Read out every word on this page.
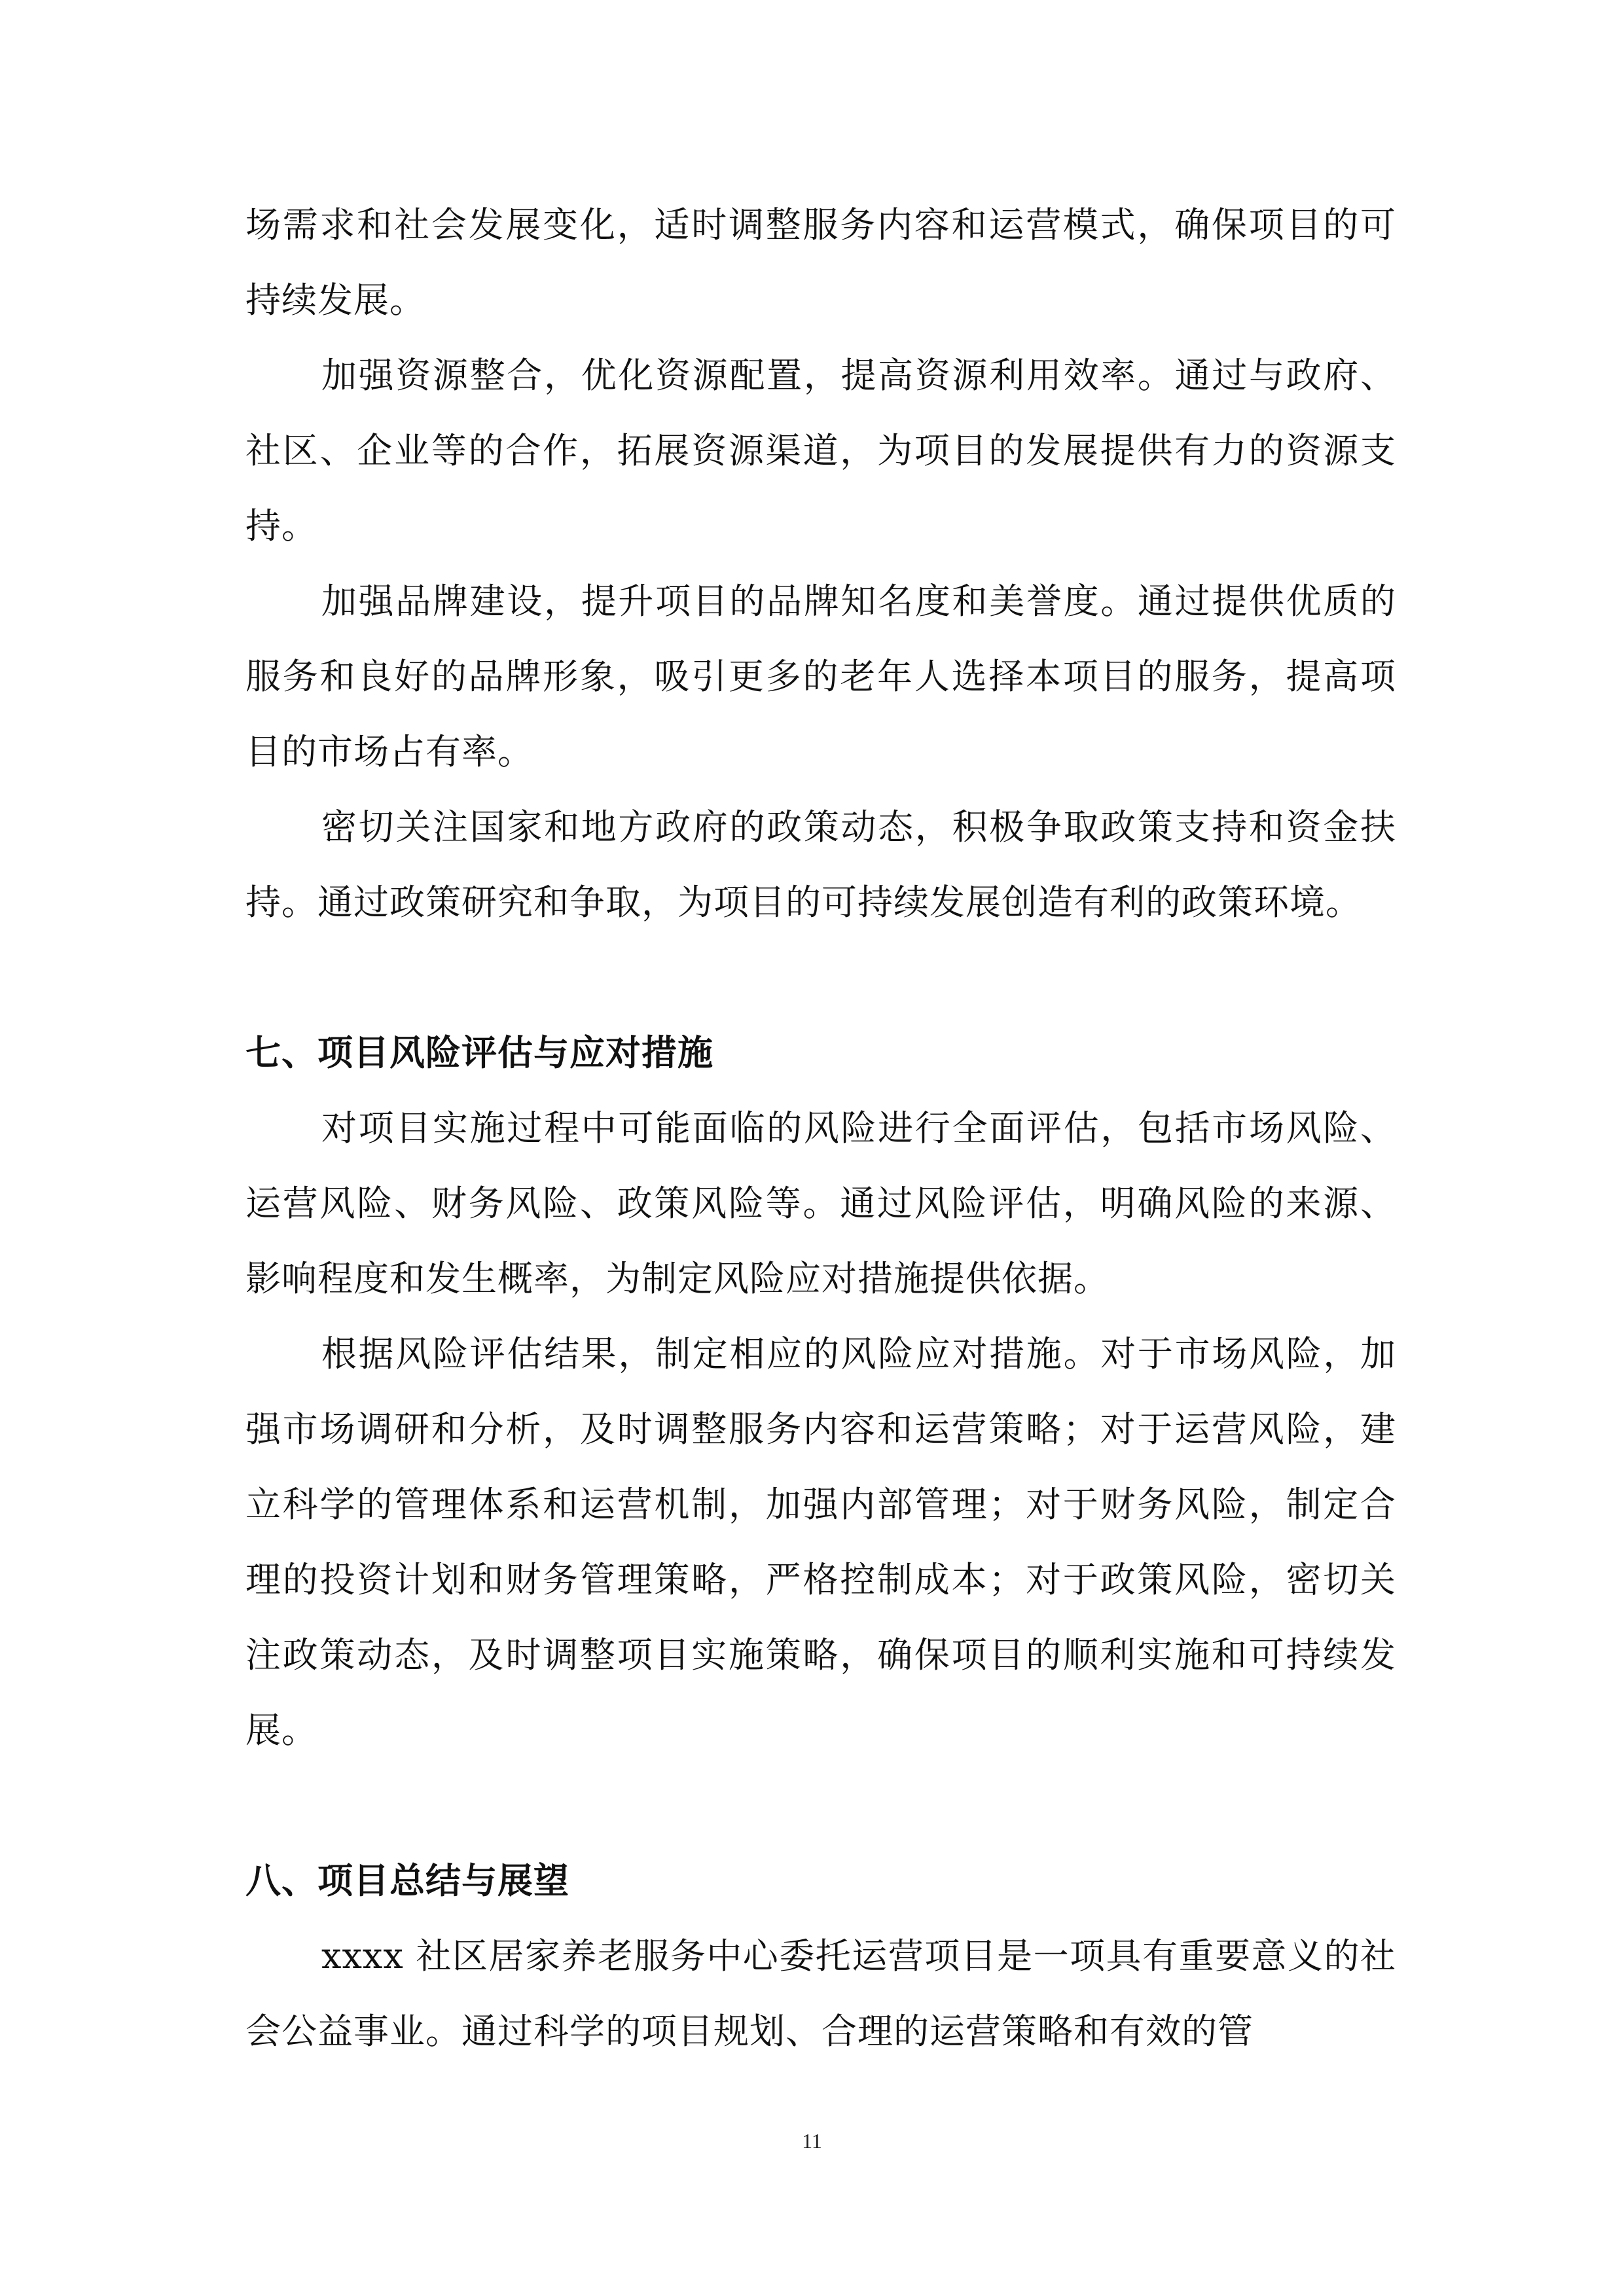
场需求和社会发展变化，适时调整服务内容和运营模式，确保项目的可持续发展。

加强资源整合，优化资源配置，提高资源利用效率。通过与政府、社区、企业等的合作，拓展资源渠道，为项目的发展提供有力的资源支持。

加强品牌建设，提升项目的品牌知名度和美誉度。通过提供优质的服务和良好的品牌形象，吸引更多的老年人选择本项目的服务，提高项目的市场占有率。

密切关注国家和地方政府的政策动态，积极争取政策支持和资金扶持。通过政策研究和争取，为项目的可持续发展创造有利的政策环境。

七、项目风险评估与应对措施

对项目实施过程中可能面临的风险进行全面评估，包括市场风险、运营风险、财务风险、政策风险等。通过风险评估，明确风险的来源、影响程度和发生概率，为制定风险应对措施提供依据。

根据风险评估结果，制定相应的风险应对措施。对于市场风险，加强市场调研和分析，及时调整服务内容和运营策略；对于运营风险，建立科学的管理体系和运营机制，加强内部管理；对于财务风险，制定合理的投资计划和财务管理策略，严格控制成本；对于政策风险，密切关注政策动态，及时调整项目实施策略，确保项目的顺利实施和可持续发展。

八、项目总结与展望

xxxx 社区居家养老服务中心委托运营项目是一项具有重要意义的社会公益事业。通过科学的项目规划、合理的运营策略和有效的管

11
